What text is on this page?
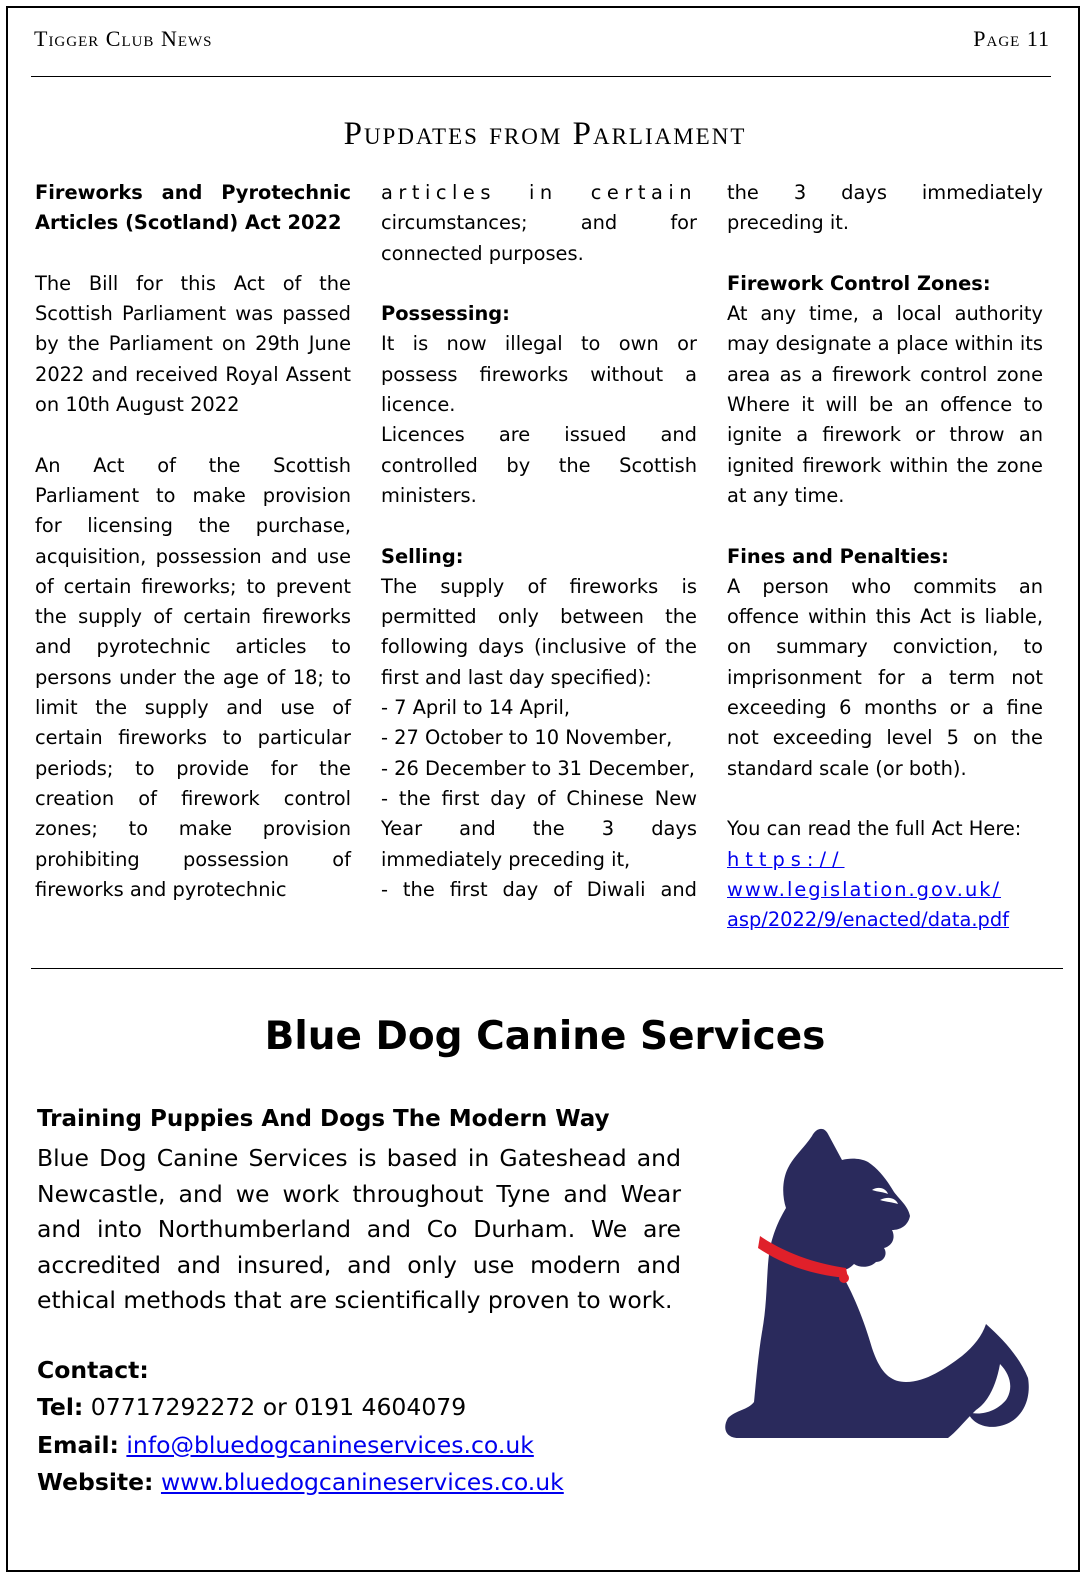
Tigger Club News	Page 11
Pupdates from Parliament

Fireworks and Pyrotechnic Articles (Scotland) Act 2022

The Bill for this Act of the Scottish Parliament was passed by the Parliament on 29th June 2022 and received Royal Assent on 10th August 2022

An Act of the Scottish Parliament to make provision for licensing the purchase, acquisition, possession and use of certain fireworks; to prevent the supply of certain fireworks and pyrotechnic articles to persons under the age of 18; to limit the supply and use of certain fireworks to particular periods; to provide for the creation of firework control zones; to make provision prohibiting possession of fireworks and pyrotechnic

articles in certain

circumstances; and for connected purposes.

Possessing:

It is now illegal to own or possess fireworks without a licence.

Licences are issued and controlled by the Scottish ministers.

Selling:

The supply of fireworks is permitted only between the following days (inclusive of the first and last day specified):

- 7 April to 14 April,

- 27 October to 10 November,

- 26 December to 31 December,

- the first day of Chinese New Year and the 3 days immediately preceding it,

- the first day of Diwali and

the 3 days immediately preceding it.

Firework Control Zones:

At any time, a local authority may designate a place within its area as a firework control zone Where it will be an offence to ignite a firework or throw an ignited firework within the zone at any time.

Fines and Penalties:

A person who commits an offence within this Act is liable, on summary conviction, to imprisonment for a term not exceeding 6 months or a fine not exceeding level 5 on the standard scale (or both).

You can read the full Act Here:

https://
www.legislation.gov.uk/
asp/2022/9/enacted/data.pdf

Blue Dog Canine Services
Training Puppies And Dogs The Modern Way
Blue Dog Canine Services is based in Gateshead and Newcastle, and we work throughout Tyne and Wear and into Northumberland and Co Durham. We are accredited and insured, and only use modern and ethical methods that are scientifically proven to work.
Contact:
Tel: 07717292272 or 0191 4604079
Email: info@bluedogcanineservices.co.uk
Website: www.bluedogcanineservices.co.uk
